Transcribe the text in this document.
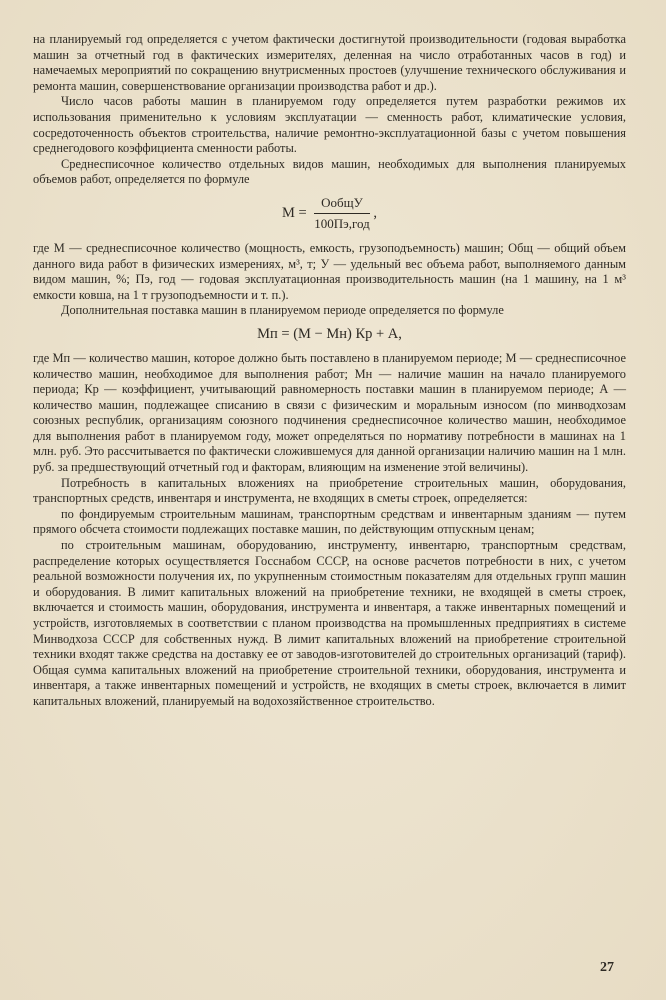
на планируемый год определяется с учетом фактически достигнутой производительности (годовая выработка машин за отчетный год в фактических измерителях, деленная на число отработанных часов в год) и намечаемых мероприятий по сокращению внутрисменных простоев (улучшение технического обслуживания и ремонта машин, совершенствование организации производства работ и др.).

Число часов работы машин в планируемом году определяется путем разработки режимов их использования применительно к условиям эксплуатации — сменность работ, климатические условия, сосредоточенность объектов строительства, наличие ремонтно-эксплуатационной базы с учетом повышения среднегодового коэффициента сменности работы.

Среднесписочное количество отдельных видов машин, необходимых для выполнения планируемых объемов работ, определяется по формуле

$М = \frac{\text{ОобщУ}}{\text{100Пэ,год}}$ ,

где М — среднесписочное количество (мощность, емкость, грузоподъемность) машин; Общ — общий объем данного вида работ в физических измерениях, м³, т; У — удельный вес объема работ, выполняемого данным видом машин, %; Пэ, год — годовая эксплуатационная производительность машин (на 1 машину, на 1 м³ емкости ковша, на 1 т грузоподъемности и т. п.).

Дополнительная поставка машин в планируемом периоде определяется по формуле

Мп = (М − Мн) Кр + А,

где Мп — количество машин, которое должно быть поставлено в планируемом периоде; М — среднесписочное количество машин, необходимое для выполнения работ; Мн — наличие машин на начало планируемого периода; Кр — коэффициент, учитывающий равномерность поставки машин в планируемом периоде; А — количество машин, подлежащее списанию в связи с физическим и моральным износом (по минводхозам союзных республик, организациям союзного подчинения среднесписочное количество машин, необходимое для выполнения работ в планируемом году, может определяться по нормативу потребности в машинах на 1 млн. руб. Это рассчитывается по фактически сложившемуся для данной организации наличию машин на 1 млн. руб. за предшествующий отчетный год и факторам, влияющим на изменение этой величины).

Потребность в капитальных вложениях на приобретение строительных машин, оборудования, транспортных средств, инвентаря и инструмента, не входящих в сметы строек, определяется:

по фондируемым строительным машинам, транспортным средствам и инвентарным зданиям — путем прямого обсчета стоимости подлежащих поставке машин, по действующим отпускным ценам;

по строительным машинам, оборудованию, инструменту, инвентарю, транспортным средствам, распределение которых осуществляется Госснабом СССР, на основе расчетов потребности в них, с учетом реальной возможности получения их, по укрупненным стоимостным показателям для отдельных групп машин и оборудования. В лимит капитальных вложений на приобретение техники, не входящей в сметы строек, включается и стоимость машин, оборудования, инструмента и инвентаря, а также инвентарных помещений и устройств, изготовляемых в соответствии с планом производства на промышленных предприятиях в системе Минводхоза СССР для собственных нужд. В лимит капитальных вложений на приобретение строительной техники входят также средства на доставку ее от заводов-изготовителей до строительных организаций (тариф). Общая сумма капитальных вложений на приобретение строительной техники, оборудования, инструмента и инвентаря, а также инвентарных помещений и устройств, не входящих в сметы строек, включается в лимит капитальных вложений, планируемый на водохозяйственное строительство.

27
